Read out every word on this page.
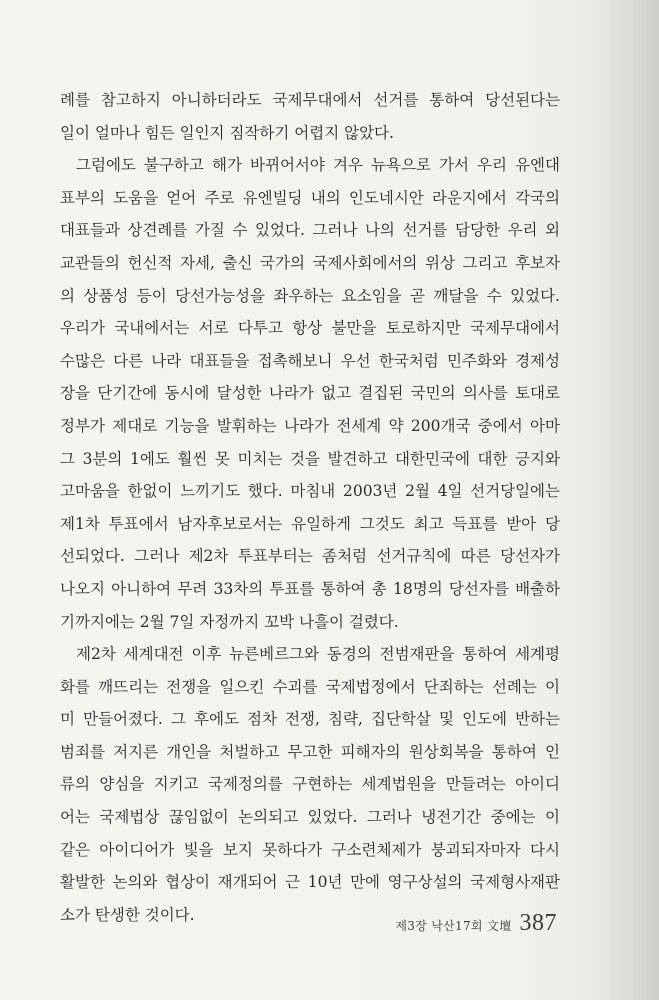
례를 참고하지 아니하더라도 국제무대에서 선거를 통하여 당선된다는
일이 얼마나 힘든 일인지 짐작하기 어렵지 않았다.
그럼에도 불구하고 해가 바뀌어서야 겨우 뉴욕으로 가서 우리 유엔대
표부의 도움을 얻어 주로 유엔빌딩 내의 인도네시안 라운지에서 각국의
대표들과 상견례를 가질 수 있었다. 그러나 나의 선거를 담당한 우리 외
교관들의 헌신적 자세, 출신 국가의 국제사회에서의 위상 그리고 후보자
의 상품성 등이 당선가능성을 좌우하는 요소임을 곧 깨달을 수 있었다.
우리가 국내에서는 서로 다투고 항상 불만을 토로하지만 국제무대에서
수많은 다른 나라 대표들을 접촉해보니 우선 한국처럼 민주화와 경제성
장을 단기간에 동시에 달성한 나라가 없고 결집된 국민의 의사를 토대로
정부가 제대로 기능을 발휘하는 나라가 전세계 약 200개국 중에서 아마
그 3분의 1에도 훨씬 못 미치는 것을 발견하고 대한민국에 대한 긍지와
고마움을 한없이 느끼기도 했다. 마침내 2003년 2월 4일 선거당일에는
제1차 투표에서 남자후보로서는 유일하게 그것도 최고 득표를 받아 당
선되었다. 그러나 제2차 투표부터는 좀처럼 선거규칙에 따른 당선자가
나오지 아니하여 무려 33차의 투표를 통하여 총 18명의 당선자를 배출하
기까지에는 2월 7일 자정까지 꼬박 나흘이 걸렸다.
제2차 세계대전 이후 뉴른베르그와 동경의 전범재판을 통하여 세계평
화를 깨뜨리는 전쟁을 일으킨 수괴를 국제법정에서 단죄하는 선례는 이
미 만들어졌다. 그 후에도 점차 전쟁, 침략, 집단학살 및 인도에 반하는
범죄를 저지른 개인을 처벌하고 무고한 피해자의 원상회복을 통하여 인
류의 양심을 지키고 국제정의를 구현하는 세계법원을 만들려는 아이디
어는 국제법상 끊임없이 논의되고 있었다. 그러나 냉전기간 중에는 이
같은 아이디어가 빛을 보지 못하다가 구소련체제가 붕괴되자마자 다시
활발한 논의와 협상이 재개되어 근 10년 만에 영구상설의 국제형사재판
소가 탄생한 것이다.
제3장 낙산17회 文壇 387
